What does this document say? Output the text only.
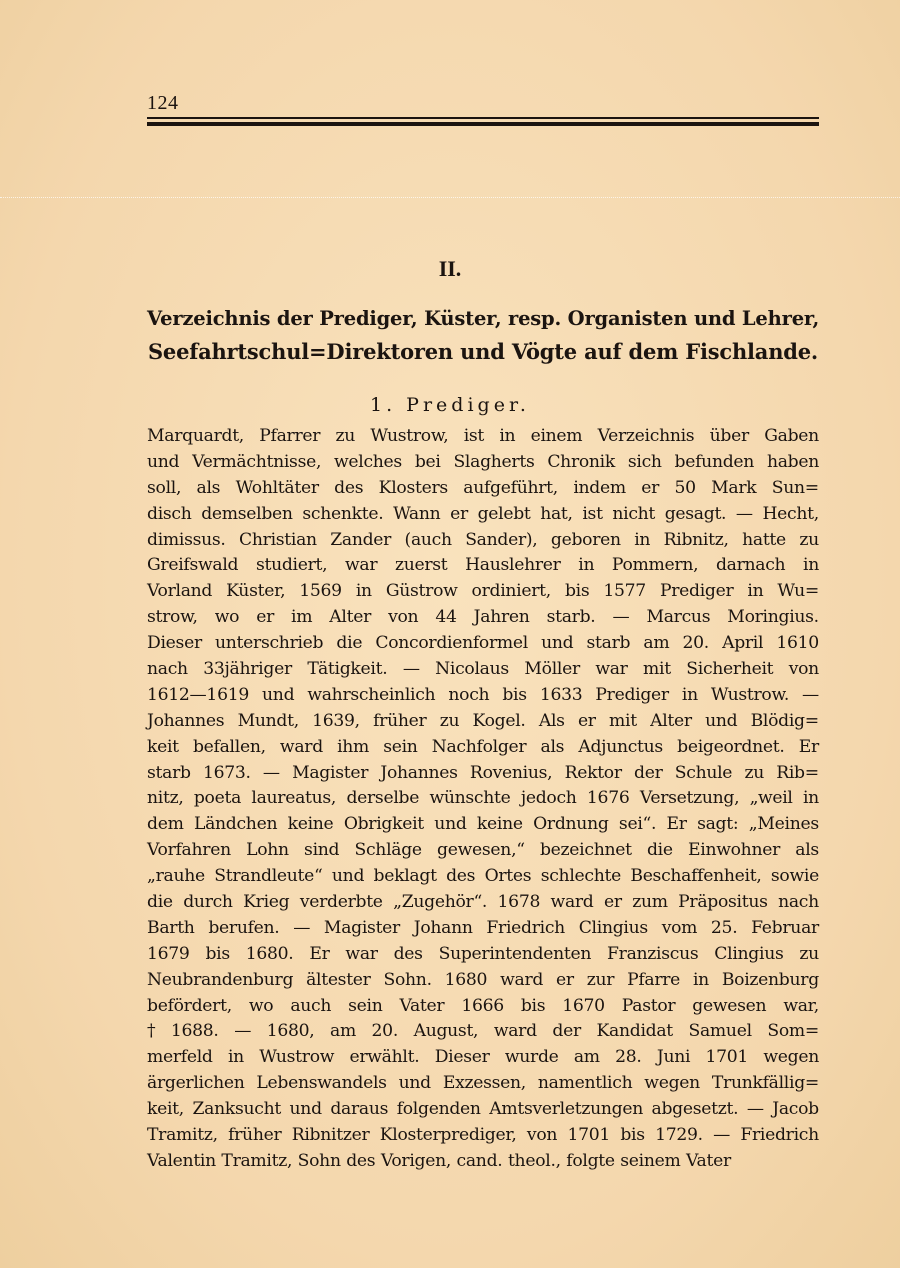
124
II.
Verzeichnis der Prediger, Küster, resp. Organisten und Lehrer,
Seefahrtschul=Direktoren und Vögte auf dem Fischlande.
1. Prediger.
Marquardt, Pfarrer zu Wustrow, ist in einem Verzeichnis über Gaben
und Vermächtnisse, welches bei Slagherts Chronik sich befunden haben
soll, als Wohltäter des Klosters aufgeführt, indem er 50 Mark Sun=
disch demselben schenkte. Wann er gelebt hat, ist nicht gesagt. — Hecht,
dimissus. Christian Zander (auch Sander), geboren in Ribnitz, hatte zu
Greifswald studiert, war zuerst Hauslehrer in Pommern, darnach in
Vorland Küster, 1569 in Güstrow ordiniert, bis 1577 Prediger in Wu=
strow, wo er im Alter von 44 Jahren starb. — Marcus Moringius.
Dieser unterschrieb die Concordienformel und starb am 20. April 1610
nach 33jähriger Tätigkeit. — Nicolaus Möller war mit Sicherheit von
1612—1619 und wahrscheinlich noch bis 1633 Prediger in Wustrow. —
Johannes Mundt, 1639, früher zu Kogel. Als er mit Alter und Blödig=
keit befallen, ward ihm sein Nachfolger als Adjunctus beigeordnet. Er
starb 1673. — Magister Johannes Rovenius, Rektor der Schule zu Rib=
nitz, poeta laureatus, derselbe wünschte jedoch 1676 Versetzung, „weil in
dem Ländchen keine Obrigkeit und keine Ordnung sei“. Er sagt: „Meines
Vorfahren Lohn sind Schläge gewesen,“ bezeichnet die Einwohner als
„rauhe Strandleute“ und beklagt des Ortes schlechte Beschaffenheit, sowie
die durch Krieg verderbte „Zugehör“. 1678 ward er zum Präpositus nach
Barth berufen. — Magister Johann Friedrich Clingius vom 25. Februar
1679 bis 1680. Er war des Superintendenten Franziscus Clingius zu
Neubrandenburg ältester Sohn. 1680 ward er zur Pfarre in Boizenburg
befördert, wo auch sein Vater 1666 bis 1670 Pastor gewesen war,
† 1688. — 1680, am 20. August, ward der Kandidat Samuel Som=
merfeld in Wustrow erwählt. Dieser wurde am 28. Juni 1701 wegen
ärgerlichen Lebenswandels und Exzessen, namentlich wegen Trunkfällig=
keit, Zanksucht und daraus folgenden Amtsverletzungen abgesetzt. — Jacob
Tramitz, früher Ribnitzer Klosterprediger, von 1701 bis 1729. — Friedrich
Valentin Tramitz, Sohn des Vorigen, cand. theol., folgte seinem Vater
